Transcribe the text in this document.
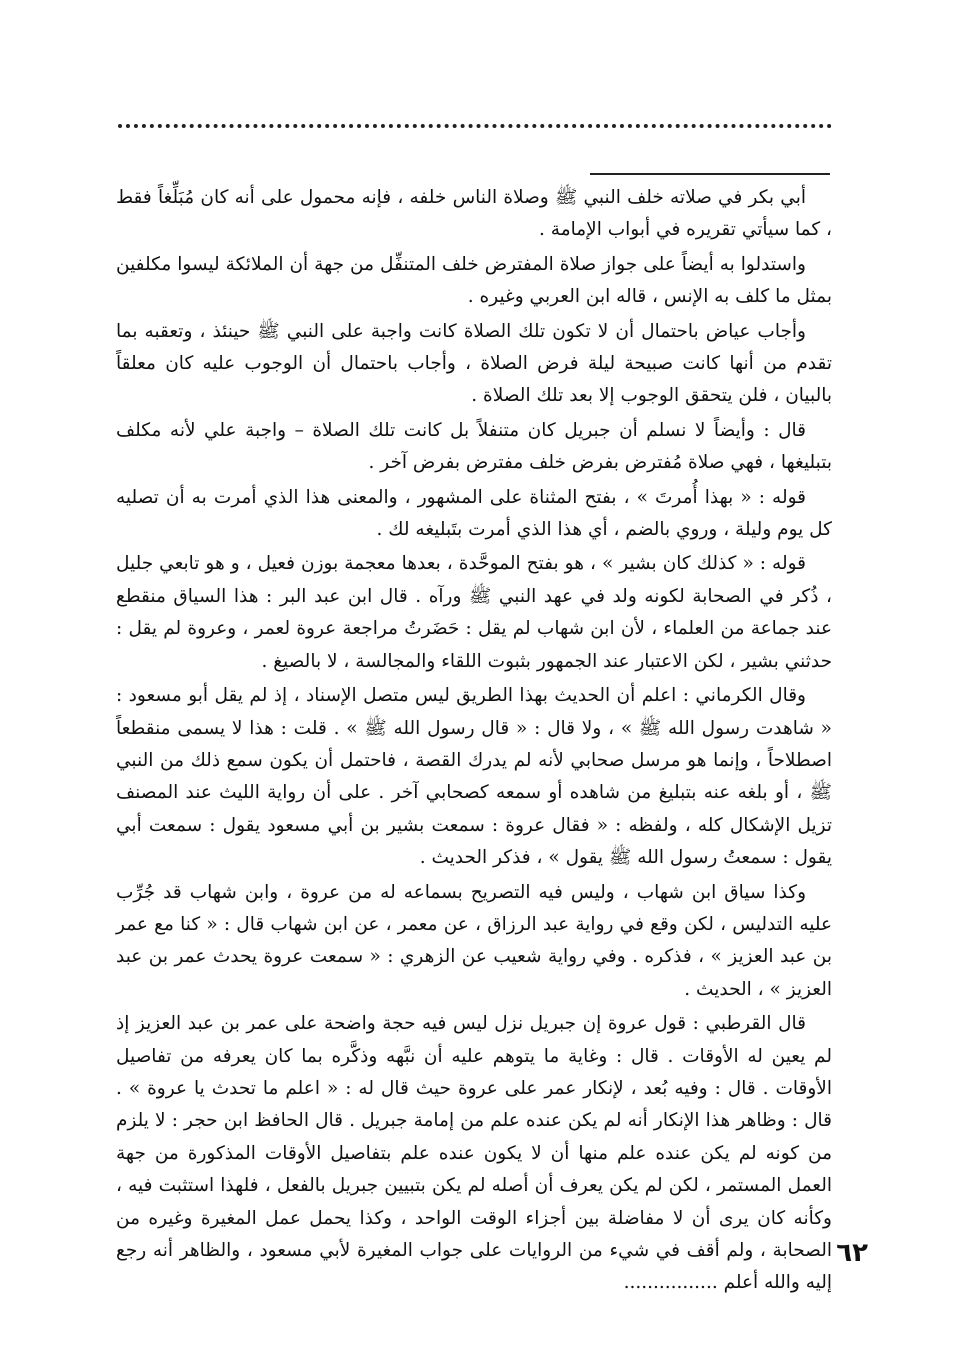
أبي بكر في صلاته خلف النبي ﷺ وصلاة الناس خلفه ، فإنه محمول على أنه كان مُبَلِّغاً فقط ، كما سيأتي تقريره في أبواب الإمامة .

واستدلوا به أيضاً على جواز صلاة المفترض خلف المتنفِّل من جهة أن الملائكة ليسوا مكلفين بمثل ما كلف به الإنس ، قاله ابن العربي وغيره .

وأجاب عياض باحتمال أن لا تكون تلك الصلاة كانت واجبة على النبي ﷺ حينئذ ، وتعقبه بما تقدم من أنها كانت صبيحة ليلة فرض الصلاة ، وأجاب باحتمال أن الوجوب عليه كان معلقاً بالبيان ، فلن يتحقق الوجوب إلا بعد تلك الصلاة .

قال : وأيضاً لا نسلم أن جبريل كان متنفلاً بل كانت تلك الصلاة – واجبة علي لأنه مكلف بتبليغها ، فهي صلاة مُفترض بفرض خلف مفترض بفرض آخر .

قوله : « بهذا أُمرتَ » ، بفتح المثناة على المشهور ، والمعنى هذا الذي أمرت به أن تصليه كل يوم وليلة ، وروي بالضم ، أي هذا الذي أمرت بتَبليغه لك .

قوله : « كذلك كان بشير » ، هو بفتح الموحَّدة ، بعدها معجمة بوزن فعيل ، و هو تابعي جليل ، ذُكر في الصحابة لكونه ولد في عهد النبي ﷺ ورآه . قال ابن عبد البر : هذا السياق منقطع عند جماعة من العلماء ، لأن ابن شهاب لم يقل : حَضَرتُ مراجعة عروة لعمر ، وعروة لم يقل : حدثني بشير ، لكن الاعتبار عند الجمهور بثبوت اللقاء والمجالسة ، لا بالصيغ .

وقال الكرماني : اعلم أن الحديث بهذا الطريق ليس متصل الإسناد ، إذ لم يقل أبو مسعود : « شاهدت رسول الله ﷺ » ، ولا قال : « قال رسول الله ﷺ » . قلت : هذا لا يسمى منقطعاً اصطلاحاً ، وإنما هو مرسل صحابي لأنه لم يدرك القصة ، فاحتمل أن يكون سمع ذلك من النبي ﷺ ، أو بلغه عنه بتبليغ من شاهده أو سمعه كصحابي آخر . على أن رواية الليث عند المصنف تزيل الإشكال كله ، ولفظه : « فقال عروة : سمعت بشير بن أبي مسعود يقول : سمعت أبي يقول : سمعتُ رسول الله ﷺ يقول » ، فذكر الحديث .

وكذا سياق ابن شهاب ، وليس فيه التصريح بسماعه له من عروة ، وابن شهاب قد جُرِّب عليه التدليس ، لكن وقع في رواية عبد الرزاق ، عن معمر ، عن ابن شهاب قال : « كنا مع عمر بن عبد العزيز » ، فذكره . وفي رواية شعيب عن الزهري : « سمعت عروة يحدث عمر بن عبد العزيز » ، الحديث .

قال القرطبي : قول عروة إن جبريل نزل ليس فيه حجة واضحة على عمر بن عبد العزيز إذ لم يعين له الأوقات . قال : وغاية ما يتوهم عليه أن نبَّهه وذكَّره بما كان يعرفه من تفاصيل الأوقات . قال : وفيه بُعد ، لإنكار عمر على عروة حيث قال له : « اعلم ما تحدث يا عروة » . قال : وظاهر هذا الإنكار أنه لم يكن عنده علم من إمامة جبريل . قال الحافظ ابن حجر : لا يلزم من كونه لم يكن عنده علم منها أن لا يكون عنده علم بتفاصيل الأوقات المذكورة من جهة العمل المستمر ، لكن لم يكن يعرف أن أصله لم يكن بتبيين جبريل بالفعل ، فلهذا استثبت فيه ، وكأنه كان يرى أن لا مفاضلة بين أجزاء الوقت الواحد ، وكذا يحمل عمل المغيرة وغيره من الصحابة ، ولم أقف في شيء من الروايات على جواب المغيرة لأبي مسعود ، والظاهر أنه رجع إليه والله أعلم ................

٦٢
